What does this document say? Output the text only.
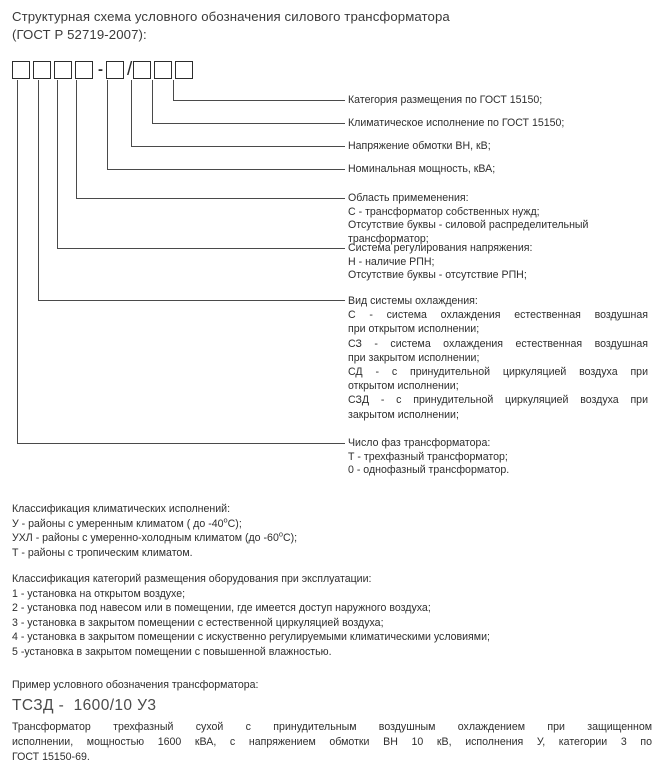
Структурная схема условного обозначения силового трансформатора
(ГОСТ Р 52719-2007):
- /
Категория размещения по ГОСТ 15150;
Климатическое исполнение по ГОСТ 15150;
Напряжение обмотки ВН, кВ;
Номинальная мощность, кВА;
Область примеменения:
С - трансформатор собственных нужд;
Отсутствие буквы - силовой распределительный
трансформатор;
Система регулирования напряжения:
Н - наличие РПН;
Отсутствие буквы - отсутствие РПН;
Вид системы охлаждения:
С - система охлаждения естественная воздушная
при открытом исполнении;
СЗ - система охлаждения естественная воздушная
при закрытом исполнении;
СД - с принудительной циркуляцией воздуха при
открытом исполнении;
СЗД - с принудительной циркуляцией воздуха при
закрытом исполнении;
Число фаз трансформатора:
Т - трехфазный трансформатор;
0 - однофазный трансформатор.
Классификация климатических исполнений:
У - районы с умеренным климатом ( до $-40^оС$);
УХЛ - районы с умеренно-холодным климатом (до $-60^оС$);
Т - районы с тропическим климатом.
Классификация категорий размещения оборудования при эксплуатации:
1 - установка на открытом воздухе;
2 - установка под навесом или в помещении, где имеется доступ наружного воздуха;
3 - установка в закрытом помещении с естественной циркуляцией воздуха;
4 - установка в закрытом помещении с искуственно регулируемыми климатическими условиями;
5 -установка в закрытом помещении с повышенной влажностью.
Пример условного обозначения трансформатора:
ТСЗД -  1600/10 У3
Трансформатор трехфазный сухой с принудительным воздушным охлаждением при защищенном
исполнении, мощностью 1600 кВА, с напряжением обмотки ВН 10 кВ, исполнения У, категории 3 по
ГОСТ 15150-69.
